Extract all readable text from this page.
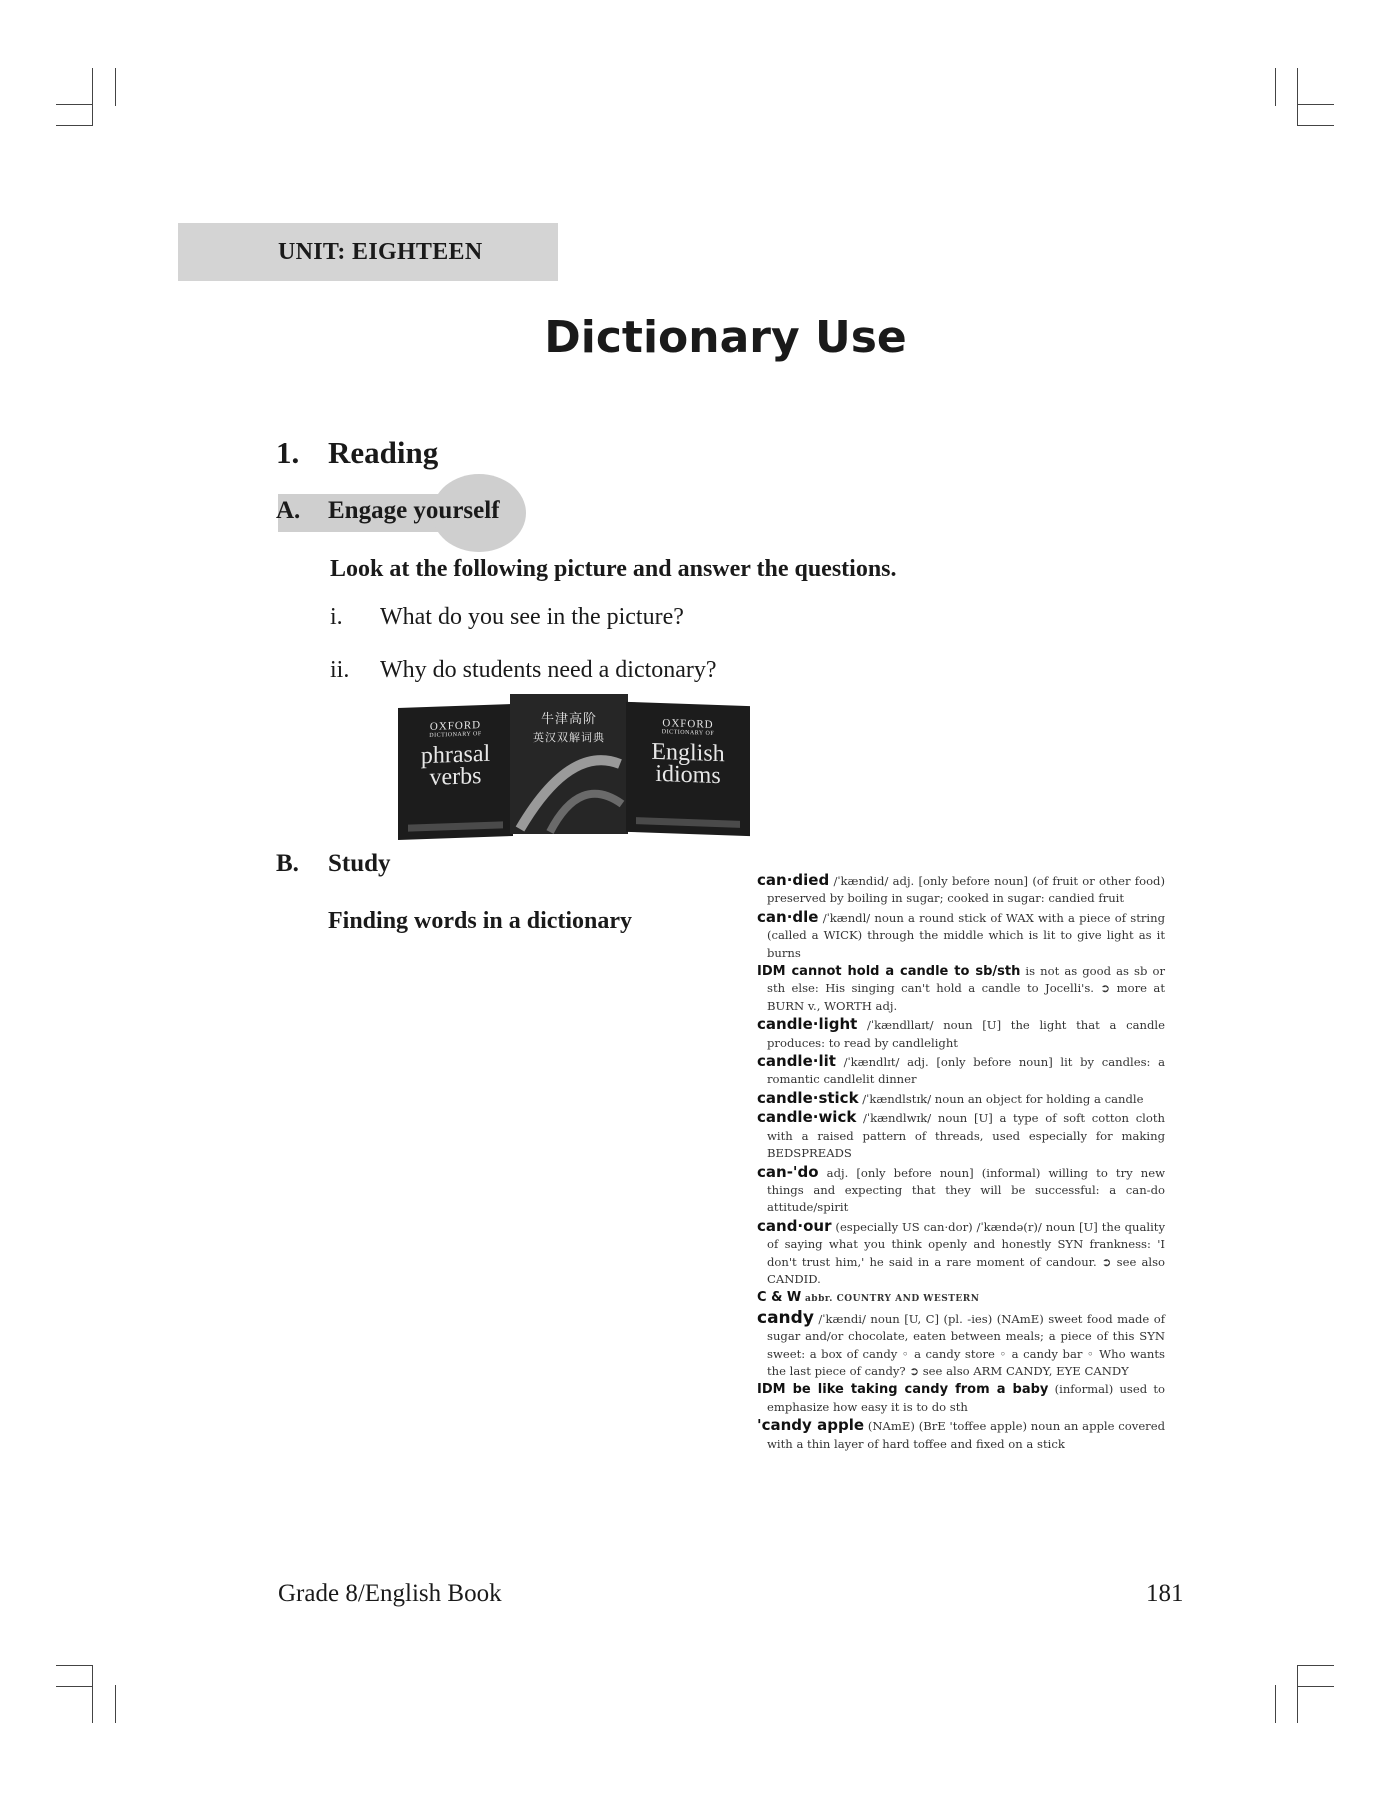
UNIT: EIGHTEEN
Dictionary Use
1. Reading
A. Engage yourself
Look at the following picture and answer the questions.
i. What do you see in the picture?
ii. Why do students need a dictonary?
OXFORD
DICTIONARY OF
phrasal
verbs
牛津高阶
英汉双解词典
OXFORD
DICTIONARY OF
English
idioms
B. Study
Finding words in a dictionary
can·died /ˈkændid/ adj. [only before noun] (of fruit or other food) preserved by boiling in sugar; cooked in sugar: candied fruit
can·dle /ˈkændl/ noun a round stick of WAX with a piece of string (called a WICK) through the middle which is lit to give light as it burns
IDM cannot hold a candle to sb/sth is not as good as sb or sth else: His singing can't hold a candle to Jocelli's. ➲ more at BURN v., WORTH adj.
candle·light /ˈkændllaɪt/ noun [U] the light that a candle produces: to read by candlelight
candle·lit /ˈkændlɪt/ adj. [only before noun] lit by candles: a romantic candlelit dinner
candle·stick /ˈkændlstɪk/ noun an object for holding a candle
candle·wick /ˈkændlwɪk/ noun [U] a type of soft cotton cloth with a raised pattern of threads, used especially for making BEDSPREADS
can-'do adj. [only before noun] (informal) willing to try new things and expecting that they will be successful: a can-do attitude/spirit
cand·our (especially US can·dor) /ˈkændə(r)/ noun [U] the quality of saying what you think openly and honestly SYN frankness: 'I don't trust him,' he said in a rare moment of candour. ➲ see also CANDID.
C & W abbr. COUNTRY AND WESTERN
candy /ˈkændi/ noun [U, C] (pl. -ies) (NAmE) sweet food made of sugar and/or chocolate, eaten between meals; a piece of this SYN sweet: a box of candy ◦ a candy store ◦ a candy bar ◦ Who wants the last piece of candy? ➲ see also ARM CANDY, EYE CANDY
IDM be like taking candy from a baby (informal) used to emphasize how easy it is to do sth
'candy apple (NAmE) (BrE 'toffee apple) noun an apple covered with a thin layer of hard toffee and fixed on a stick
Grade 8/English Book	181
